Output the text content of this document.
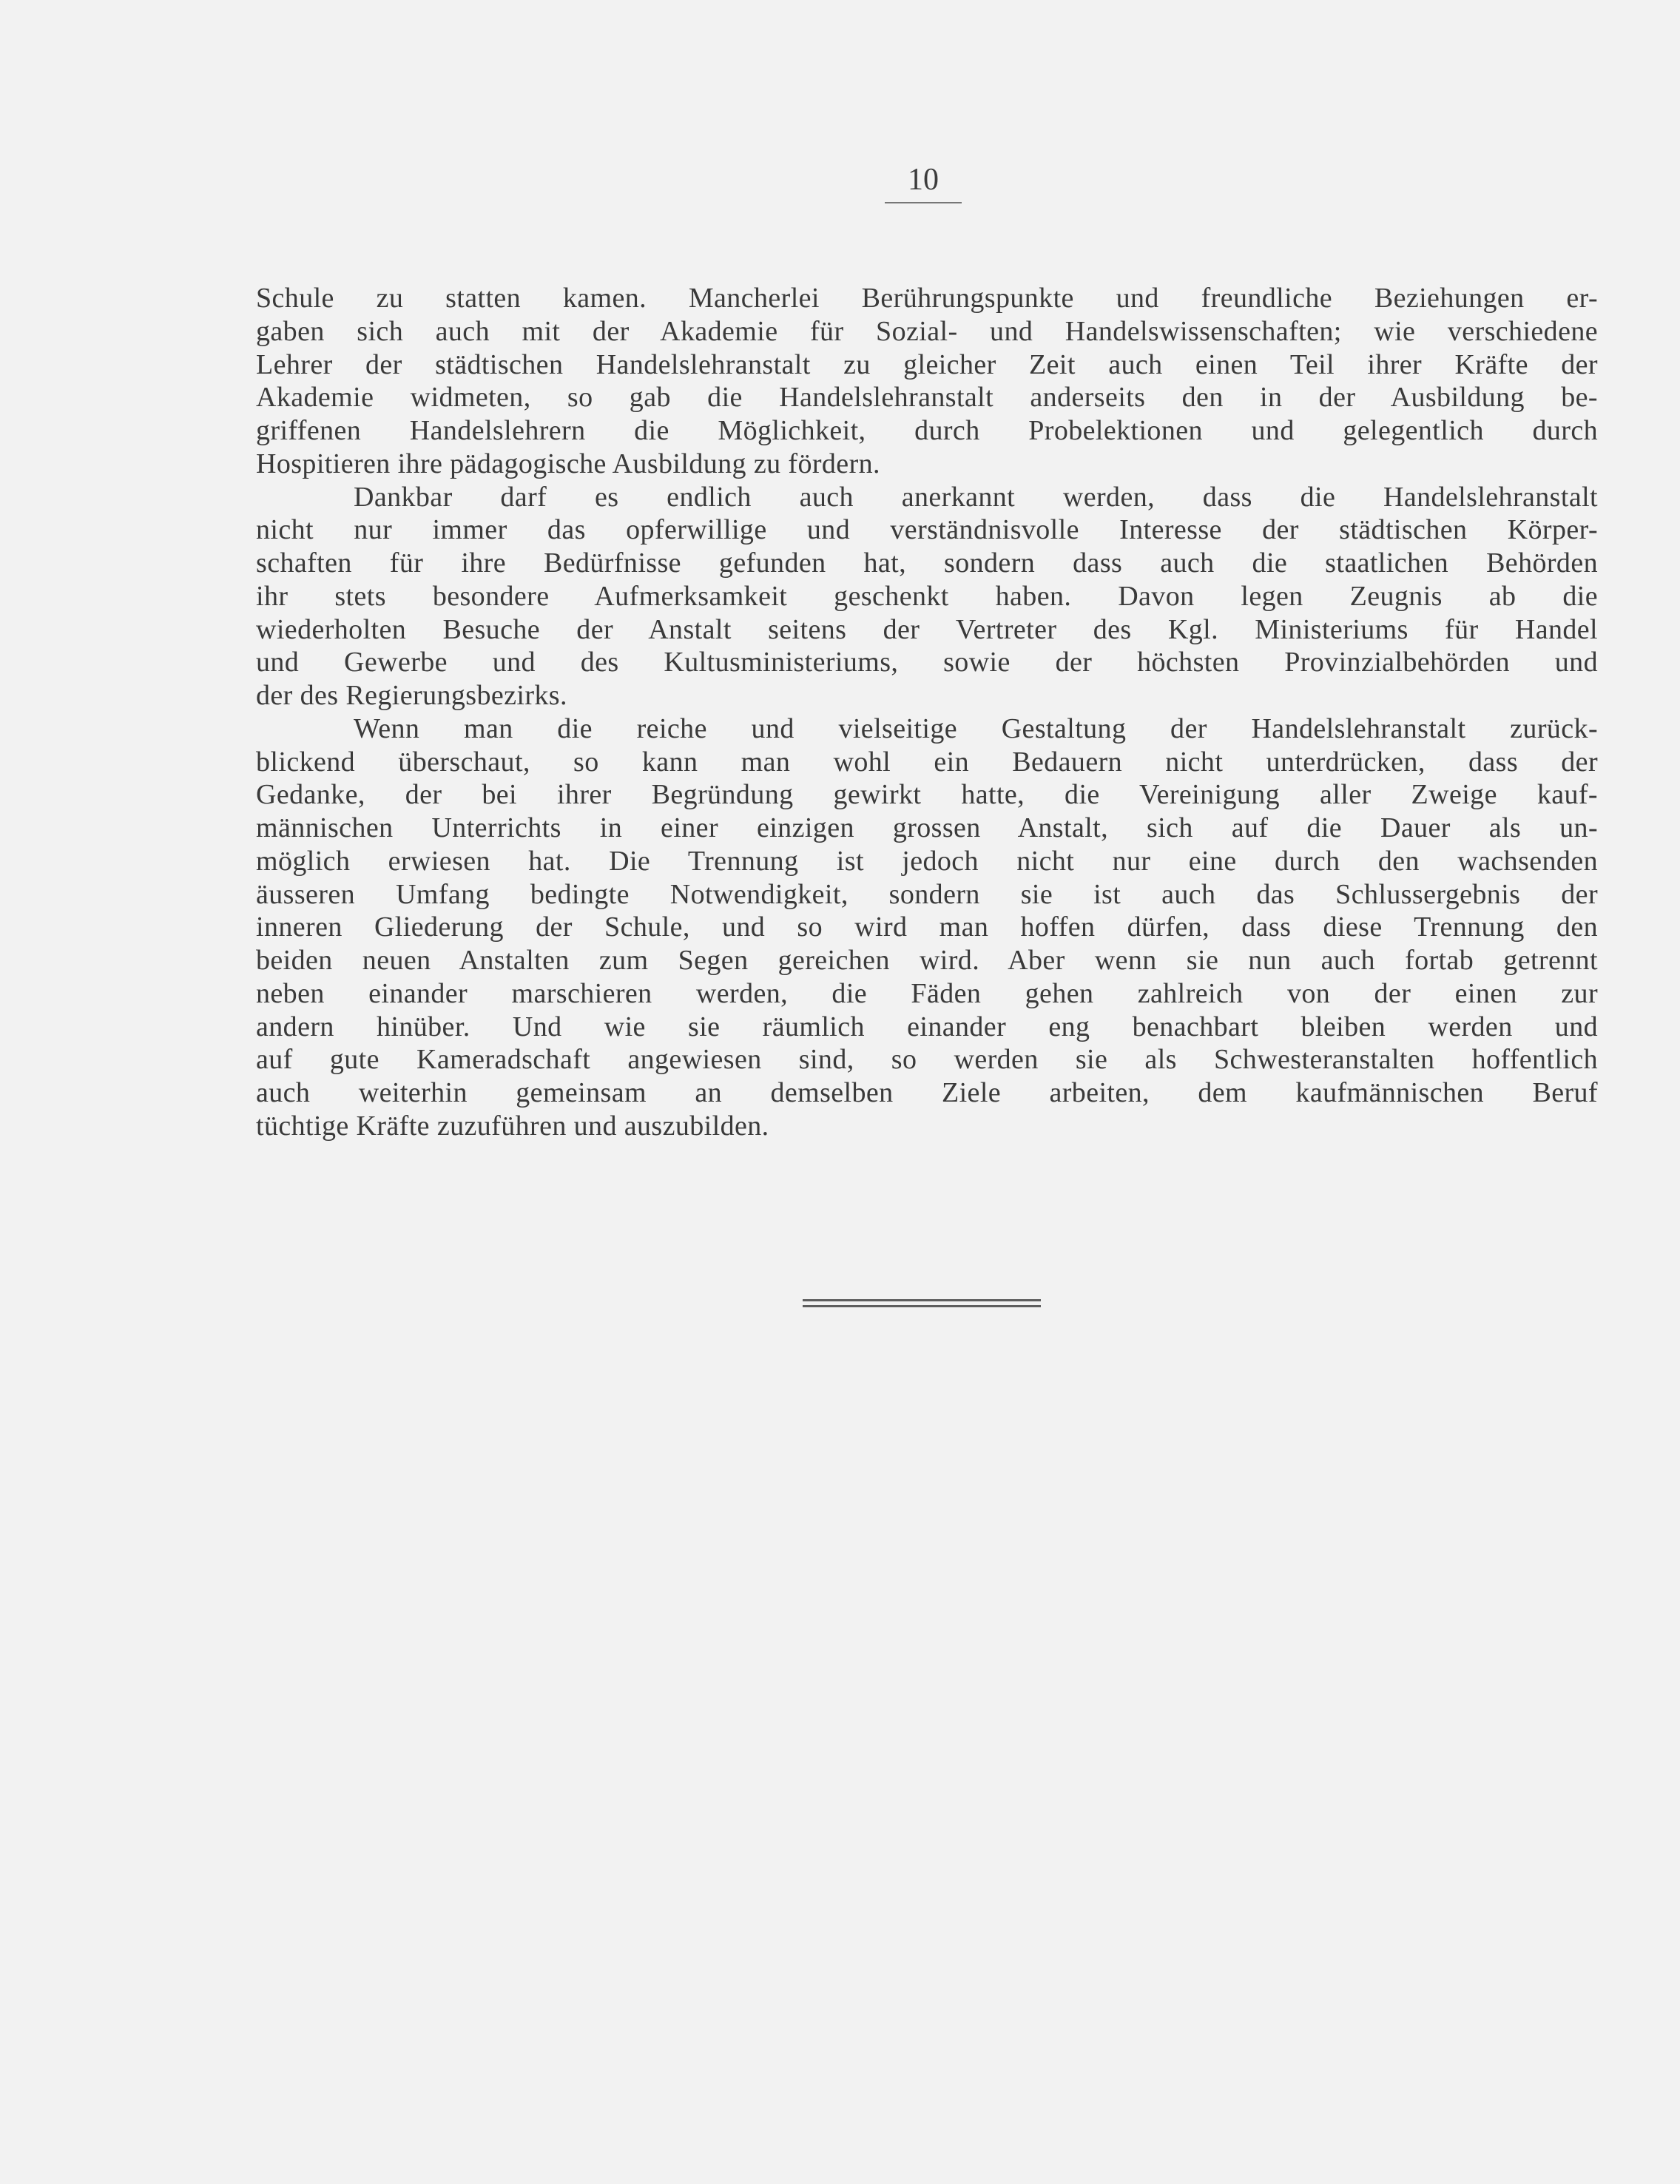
10
Schule zu statten kamen. Mancherlei Berührungspunkte und freundliche Beziehungen er-
gaben sich auch mit der Akademie für Sozial- und Handelswissenschaften; wie verschiedene
Lehrer der städtischen Handelslehranstalt zu gleicher Zeit auch einen Teil ihrer Kräfte der
Akademie widmeten, so gab die Handelslehranstalt anderseits den in der Ausbildung be-
griffenen Handelslehrern die Möglichkeit, durch Probelektionen und gelegentlich durch
Hospitieren ihre pädagogische Ausbildung zu fördern.
Dankbar darf es endlich auch anerkannt werden, dass die Handelslehranstalt
nicht nur immer das opferwillige und verständnisvolle Interesse der städtischen Körper-
schaften für ihre Bedürfnisse gefunden hat, sondern dass auch die staatlichen Behörden
ihr stets besondere Aufmerksamkeit geschenkt haben. Davon legen Zeugnis ab die
wiederholten Besuche der Anstalt seitens der Vertreter des Kgl. Ministeriums für Handel
und Gewerbe und des Kultusministeriums, sowie der höchsten Provinzialbehörden und
der des Regierungsbezirks.
Wenn man die reiche und vielseitige Gestaltung der Handelslehranstalt zurück-
blickend überschaut, so kann man wohl ein Bedauern nicht unterdrücken, dass der
Gedanke, der bei ihrer Begründung gewirkt hatte, die Vereinigung aller Zweige kauf-
männischen Unterrichts in einer einzigen grossen Anstalt, sich auf die Dauer als un-
möglich erwiesen hat. Die Trennung ist jedoch nicht nur eine durch den wachsenden
äusseren Umfang bedingte Notwendigkeit, sondern sie ist auch das Schlussergebnis der
inneren Gliederung der Schule, und so wird man hoffen dürfen, dass diese Trennung den
beiden neuen Anstalten zum Segen gereichen wird. Aber wenn sie nun auch fortab getrennt
neben einander marschieren werden, die Fäden gehen zahlreich von der einen zur
andern hinüber. Und wie sie räumlich einander eng benachbart bleiben werden und
auf gute Kameradschaft angewiesen sind, so werden sie als Schwesteranstalten hoffentlich
auch weiterhin gemeinsam an demselben Ziele arbeiten, dem kaufmännischen Beruf
tüchtige Kräfte zuzuführen und auszubilden.
